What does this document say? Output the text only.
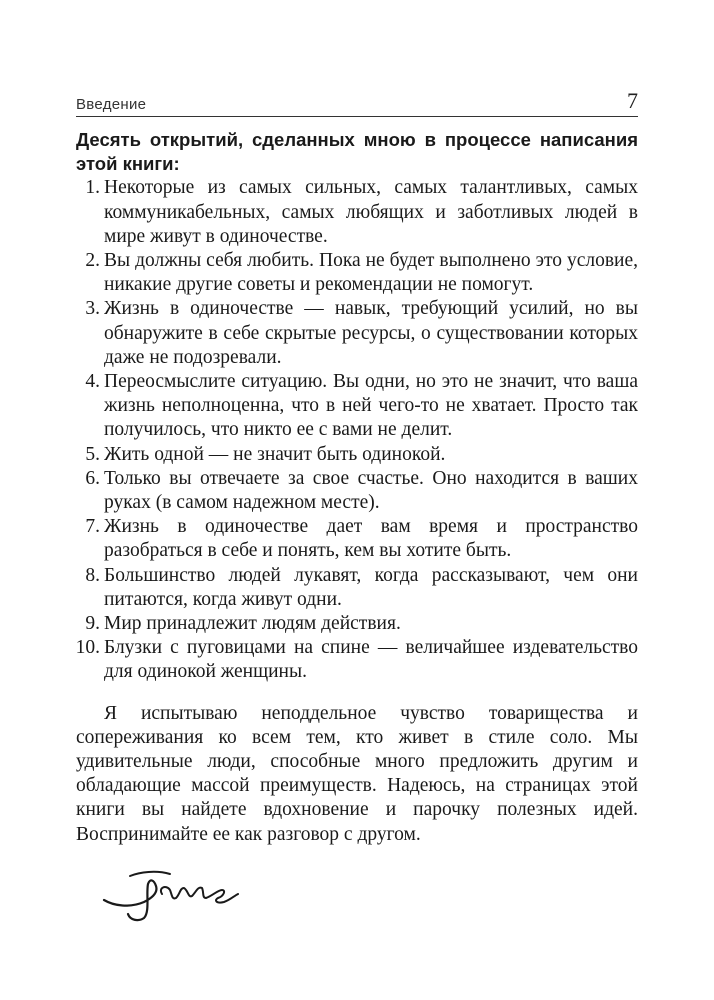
Введение	7

Десять открытий, сделанных мною в процессе написания этой книги:

1. Некоторые из самых сильных, самых талантливых, самых коммуникабельных, самых любящих и заботливых людей в мире живут в одиночестве.
2. Вы должны себя любить. Пока не будет выполнено это условие, никакие другие советы и рекомендации не помогут.
3. Жизнь в одиночестве — навык, требующий усилий, но вы обнаружите в себе скрытые ресурсы, о существовании которых даже не подозревали.
4. Переосмыслите ситуацию. Вы одни, но это не значит, что ваша жизнь неполноценна, что в ней чего-то не хватает. Просто так получилось, что никто ее с вами не делит.
5. Жить одной — не значит быть одинокой.
6. Только вы отвечаете за свое счастье. Оно находится в ваших руках (в самом надежном месте).
7. Жизнь в одиночестве дает вам время и пространство разобраться в себе и понять, кем вы хотите быть.
8. Большинство людей лукавят, когда рассказывают, чем они питаются, когда живут одни.
9. Мир принадлежит людям действия.
10. Блузки с пуговицами на спине — величайшее издевательство для одинокой женщины.

Я испытываю неподдельное чувство товарищества и сопереживания ко всем тем, кто живет в стиле соло. Мы удивительные люди, способные много предложить другим и обладающие массой преимуществ. Надеюсь, на страницах этой книги вы найдете вдохновение и парочку полезных идей. Воспринимайте ее как разговор с другом.
